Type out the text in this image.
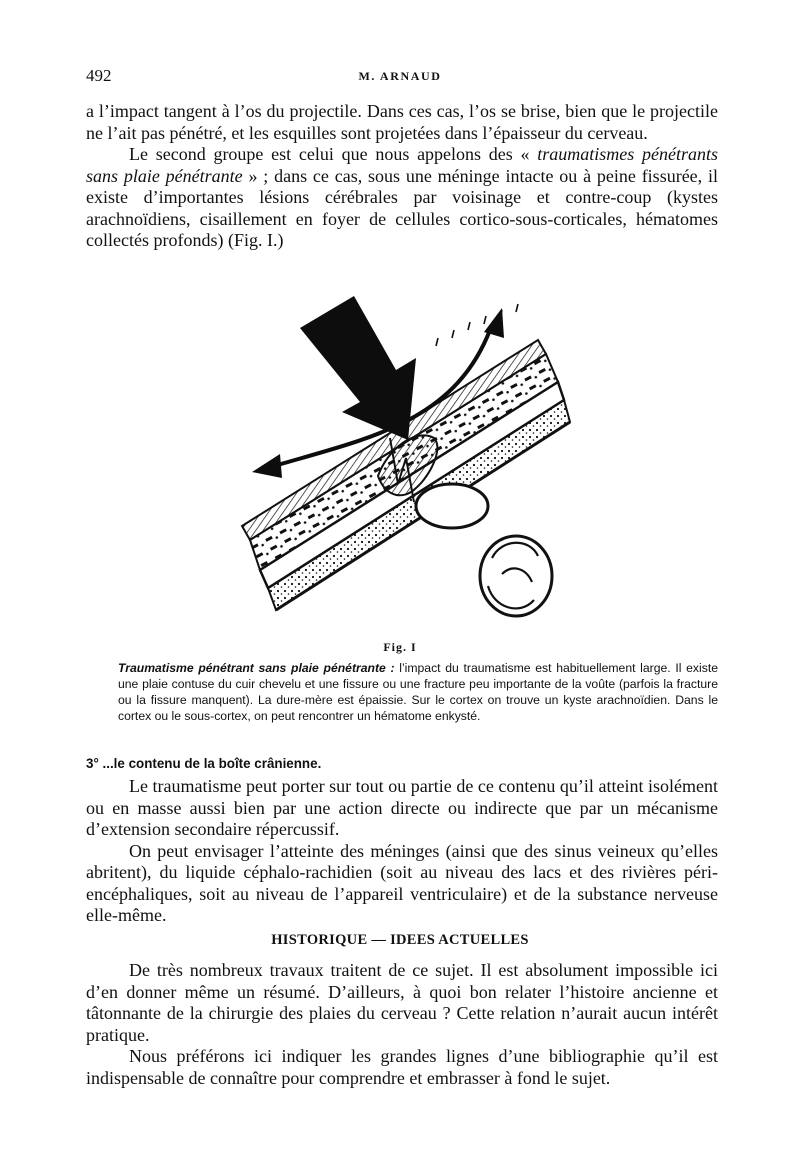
492	M. ARNAUD

a l’impact tangent à l’os du projectile. Dans ces cas, l’os se brise, bien que le projectile ne l’ait pas pénétré, et les esquilles sont projetées dans l’épaisseur du cerveau.

Le second groupe est celui que nous appelons des « traumatismes pénétrants sans plaie pénétrante » ; dans ce cas, sous une méninge intacte ou à peine fissurée, il existe d’importantes lésions cérébrales par voisinage et contre-coup (kystes arachnoïdiens, cisaillement en foyer de cellules cortico-sous-corticales, hématomes collectés profonds) (Fig. I.)

Fig. I
Traumatisme pénétrant sans plaie pénétrante : l’impact du traumatisme est habituellement large. Il existe une plaie contuse du cuir chevelu et une fissure ou une fracture peu importante de la voûte (parfois la fracture ou la fissure manquent). La dure-mère est épaissie. Sur le cortex on trouve un kyste arachnoïdien. Dans le cortex ou le sous-cortex, on peut rencontrer un hématome enkysté.
3° ...le contenu de la boîte crânienne.

Le traumatisme peut porter sur tout ou partie de ce contenu qu’il atteint isolément ou en masse aussi bien par une action directe ou indirecte que par un mécanisme d’extension secondaire répercussif.

On peut envisager l’atteinte des méninges (ainsi que des sinus veineux qu’elles abritent), du liquide céphalo-rachidien (soit au niveau des lacs et des rivières péri-encéphaliques, soit au niveau de l’appareil ventriculaire) et de la substance nerveuse elle-même.

HISTORIQUE — IDEES ACTUELLES

De très nombreux travaux traitent de ce sujet. Il est absolument impossible ici d’en donner même un résumé. D’ailleurs, à quoi bon relater l’histoire ancienne et tâtonnante de la chirurgie des plaies du cerveau ? Cette relation n’aurait aucun intérêt pratique.

Nous préférons ici indiquer les grandes lignes d’une bibliographie qu’il est indispensable de connaître pour comprendre et embrasser à fond le sujet.
